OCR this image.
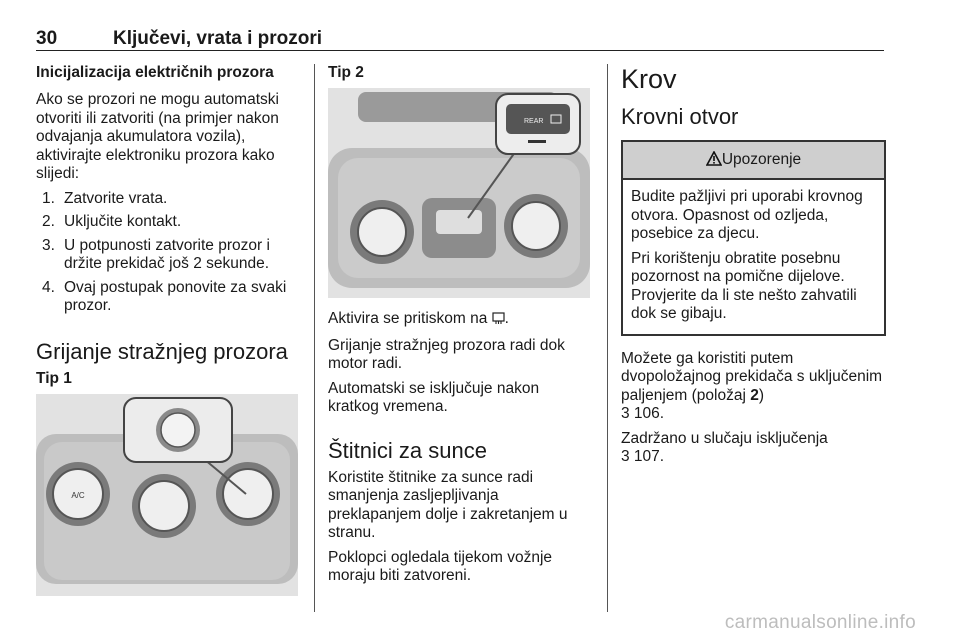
30	Ključevi, vrata i prozori
Inicijalizacija električnih prozora
Ako se prozori ne mogu automatski otvoriti ili zatvoriti (na primjer nakon odvajanja akumulatora vozila), aktivirajte elektroniku prozora kako slijedi:
1. Zatvorite vrata.
2. Uključite kontakt.
3. U potpunosti zatvorite prozor i držite prekidač još 2 sekunde.
4. Ovaj postupak ponovite za svaki prozor.
Grijanje stražnjeg prozora
Tip 1
A/C
Tip 2
REAR
Aktivira se pritiskom na .
Grijanje stražnjeg prozora radi dok motor radi.
Automatski se isključuje nakon kratkog vremena.
Štitnici za sunce
Koristite štitnike za sunce radi smanjenja zasljepljivanja preklapanjem dolje i zakretanjem u stranu.
Poklopci ogledala tijekom vožnje moraju biti zatvoreni.
Krov
Krovni otvor
Upozorenje
Budite pažljivi pri uporabi krovnog otvora. Opasnost od ozljeda, posebice za djecu.
Pri korištenju obratite posebnu pozornost na pomične dijelove. Provjerite da li ste nešto zahvatili dok se gibaju.
Možete ga koristiti putem dvopoložajnog prekidača s uključenim paljenjem (položaj 2)
3 106.
Zadržano u slučaju isključenja
3 107.
carmanualsonline.info
